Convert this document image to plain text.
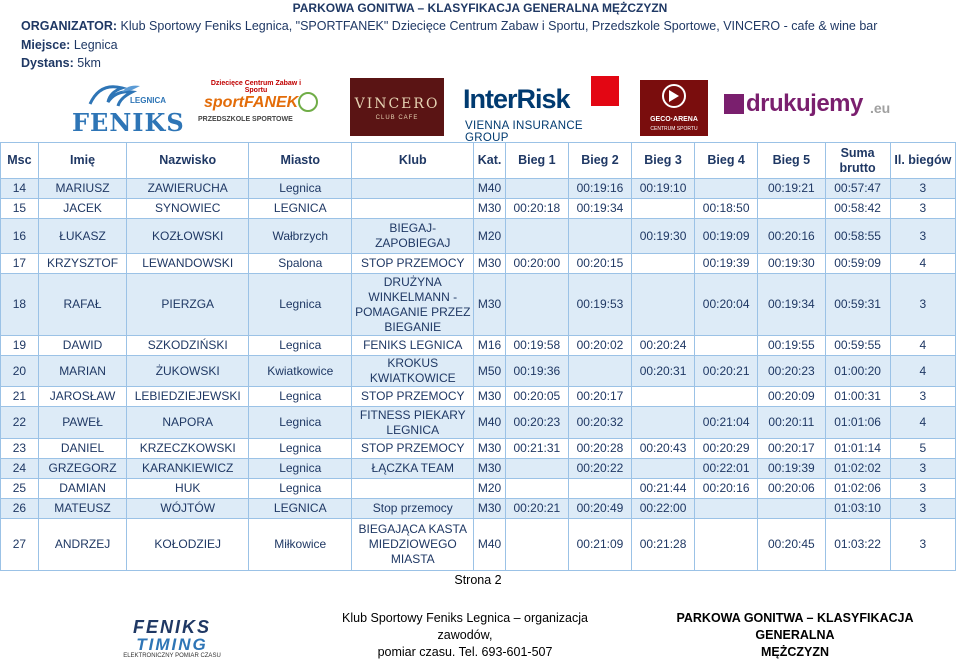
PARKOWA GONITWA – KLASYFIKACJA GENERALNA MĘŻCZYZN
ORGANIZATOR: Klub Sportowy Feniks Legnica, "SPORTFANEK" Dziecięce Centrum Zabaw i Sportu, Przedszkole Sportowe, VINCERO - cafe & wine bar
Miejsce: Legnica
Dystans: 5km
LEGNICA
FENIKS
Dziecięce Centrum Zabaw i Sportu
sportFANEK
PRZEDSZKOLE SPORTOWE
VINCERO
CLUB CAFE
InterRisk
VIENNA INSURANCE GROUP
GECO·ARENA
CENTRUM SPORTU
drukujemy .eu
Msc	Imię	Nazwisko	Miasto	Klub	Kat.	Bieg 1	Bieg 2	Bieg 3	Bieg 4	Bieg 5	Suma brutto	Il. biegów
14	MARIUSZ	ZAWIERUCHA	Legnica		M40		00:19:16	00:19:10		00:19:21	00:57:47	3
15	JACEK	SYNOWIEC	LEGNICA		M30	00:20:18	00:19:34		00:18:50		00:58:42	3
16	ŁUKASZ	KOZŁOWSKI	Wałbrzych	BIEGAJ-ZAPOBIEGAJ	M20			00:19:30	00:19:09	00:20:16	00:58:55	3
17	KRZYSZTOF	LEWANDOWSKI	Spalona	STOP PRZEMOCY	M30	00:20:00	00:20:15		00:19:39	00:19:30	00:59:09	4
18	RAFAŁ	PIERZGA	Legnica	DRUŻYNA WINKELMANN - POMAGANIE PRZEZ BIEGANIE	M30		00:19:53		00:20:04	00:19:34	00:59:31	3
19	DAWID	SZKODZIŃSKI	Legnica	FENIKS LEGNICA	M16	00:19:58	00:20:02	00:20:24		00:19:55	00:59:55	4
20	MARIAN	ŻUKOWSKI	Kwiatkowice	KROKUS KWIATKOWICE	M50	00:19:36		00:20:31	00:20:21	00:20:23	01:00:20	4
21	JAROSŁAW	LEBIEDZIEJEWSKI	Legnica	STOP PRZEMOCY	M30	00:20:05	00:20:17			00:20:09	01:00:31	3
22	PAWEŁ	NAPORA	Legnica	FITNESS PIEKARY LEGNICA	M40	00:20:23	00:20:32		00:21:04	00:20:11	01:01:06	4
23	DANIEL	KRZECZKOWSKI	Legnica	STOP PRZEMOCY	M30	00:21:31	00:20:28	00:20:43	00:20:29	00:20:17	01:01:14	5
24	GRZEGORZ	KARANKIEWICZ	Legnica	ŁĄCZKA TEAM	M30		00:20:22		00:22:01	00:19:39	01:02:02	3
25	DAMIAN	HUK	Legnica		M20			00:21:44	00:20:16	00:20:06	01:02:06	3
26	MATEUSZ	WÓJTÓW	LEGNICA	Stop przemocy	M30	00:20:21	00:20:49	00:22:00			01:03:10	3
27	ANDRZEJ	KOŁODZIEJ	Miłkowice	BIEGAJĄCA KASTA MIEDZIOWEGO MIASTA	M40		00:21:09	00:21:28		00:20:45	01:03:22	3
Strona 2
FENIKS
TIMING
ELEKTRONICZNY POMIAR CZASU
Klub Sportowy Feniks Legnica – organizacja zawodów,
pomiar czasu. Tel. 693-601-507
PARKOWA GONITWA – KLASYFIKACJA GENERALNA
MĘŻCZYZN
